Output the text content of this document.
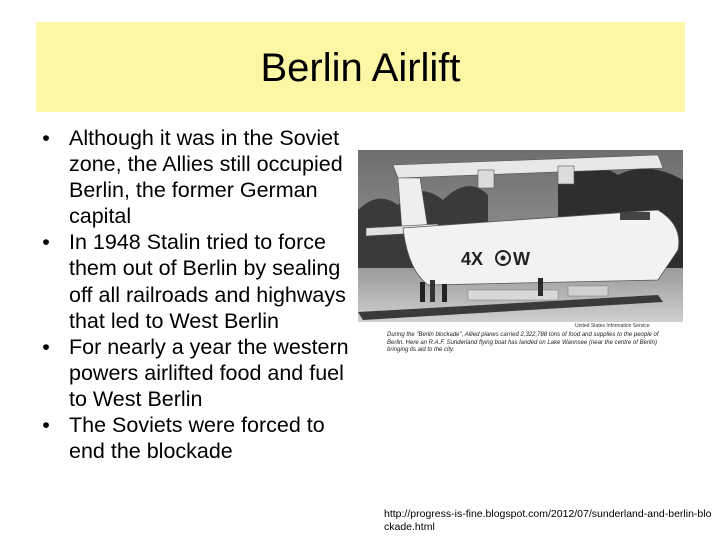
Berlin Airlift
• Although it was in the Soviet zone, the Allies still occupied Berlin, the former German capital
• In 1948 Stalin tried to force them out of Berlin by sealing off all railroads and highways that led to West Berlin
• For nearly a year the western powers airlifted food and fuel to West Berlin
• The Soviets were forced to end the blockade
4X W
United States Information Service
During the "Berlin blockade", Allied planes carried 2,322,788 tons of food and supplies to the people of Berlin. Here an R.A.F. Sunderland flying boat has landed on Lake Wannsee (near the centre of Berlin) bringing its aid to the city.
http://progress-is-fine.blogspot.com/2012/07/sunderland-and-berlin-blockade.html
